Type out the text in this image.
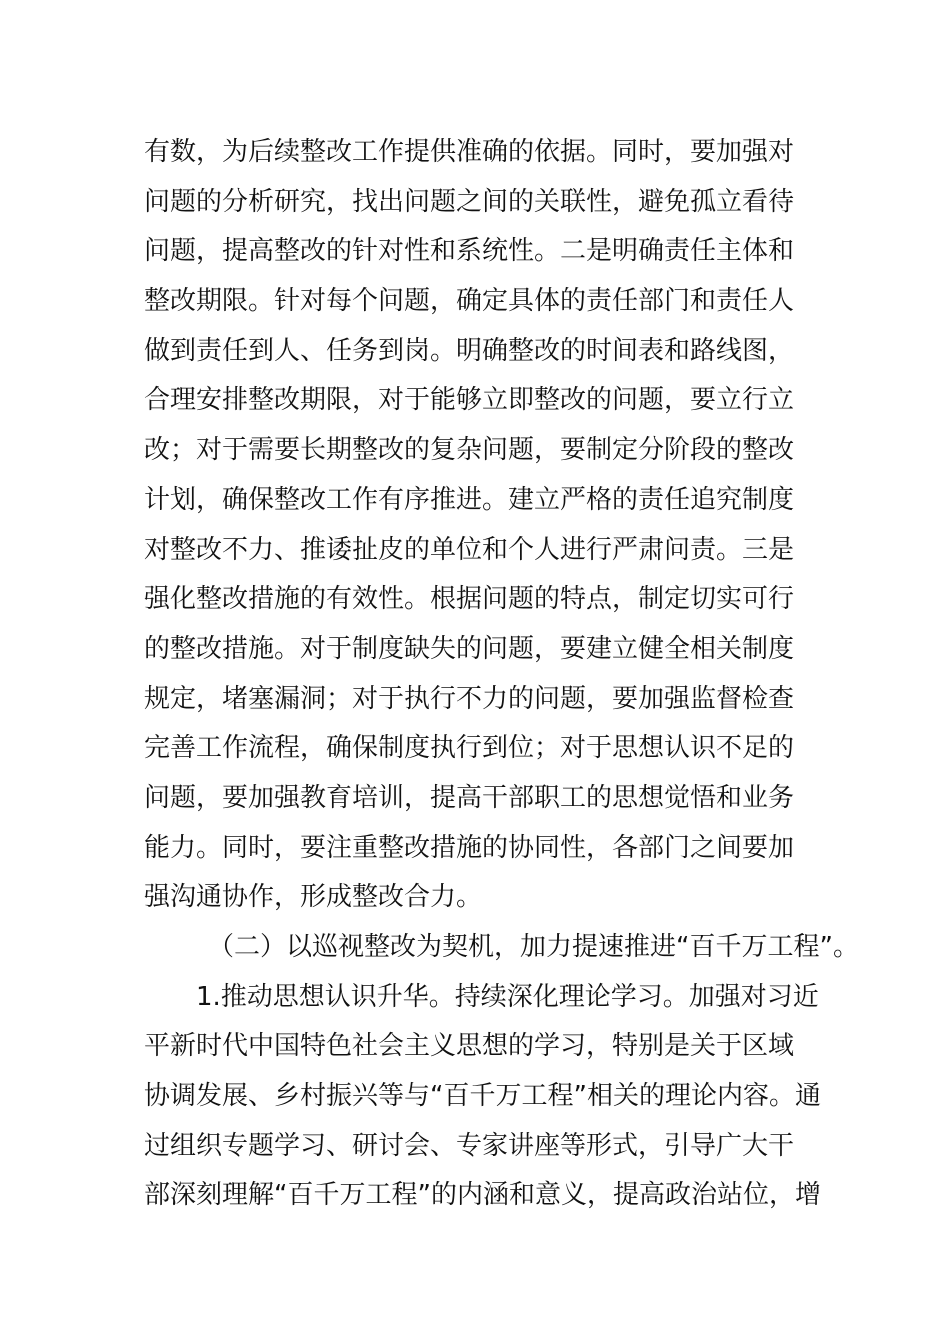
有数，为后续整改工作提供准确的依据。同时，要加强对
问题的分析研究，找出问题之间的关联性，避免孤立看待
问题，提高整改的针对性和系统性。二是明确责任主体和
整改期限。针对每个问题，确定具体的责任部门和责任人
做到责任到人、任务到岗。明确整改的时间表和路线图，
合理安排整改期限，对于能够立即整改的问题，要立行立
改；对于需要长期整改的复杂问题，要制定分阶段的整改
计划，确保整改工作有序推进。建立严格的责任追究制度
对整改不力、推诿扯皮的单位和个人进行严肃问责。三是
强化整改措施的有效性。根据问题的特点，制定切实可行
的整改措施。对于制度缺失的问题，要建立健全相关制度
规定，堵塞漏洞；对于执行不力的问题，要加强监督检查
完善工作流程，确保制度执行到位；对于思想认识不足的
问题，要加强教育培训，提高干部职工的思想觉悟和业务
能力。同时，要注重整改措施的协同性，各部门之间要加
强沟通协作，形成整改合力。
（二）以巡视整改为契机，加力提速推进“百千万工程”。
1.推动思想认识升华。持续深化理论学习。加强对习近
平新时代中国特色社会主义思想的学习，特别是关于区域
协调发展、乡村振兴等与“百千万工程”相关的理论内容。通
过组织专题学习、研讨会、专家讲座等形式，引导广大干
部深刻理解“百千万工程”的内涵和意义，提高政治站位，增
